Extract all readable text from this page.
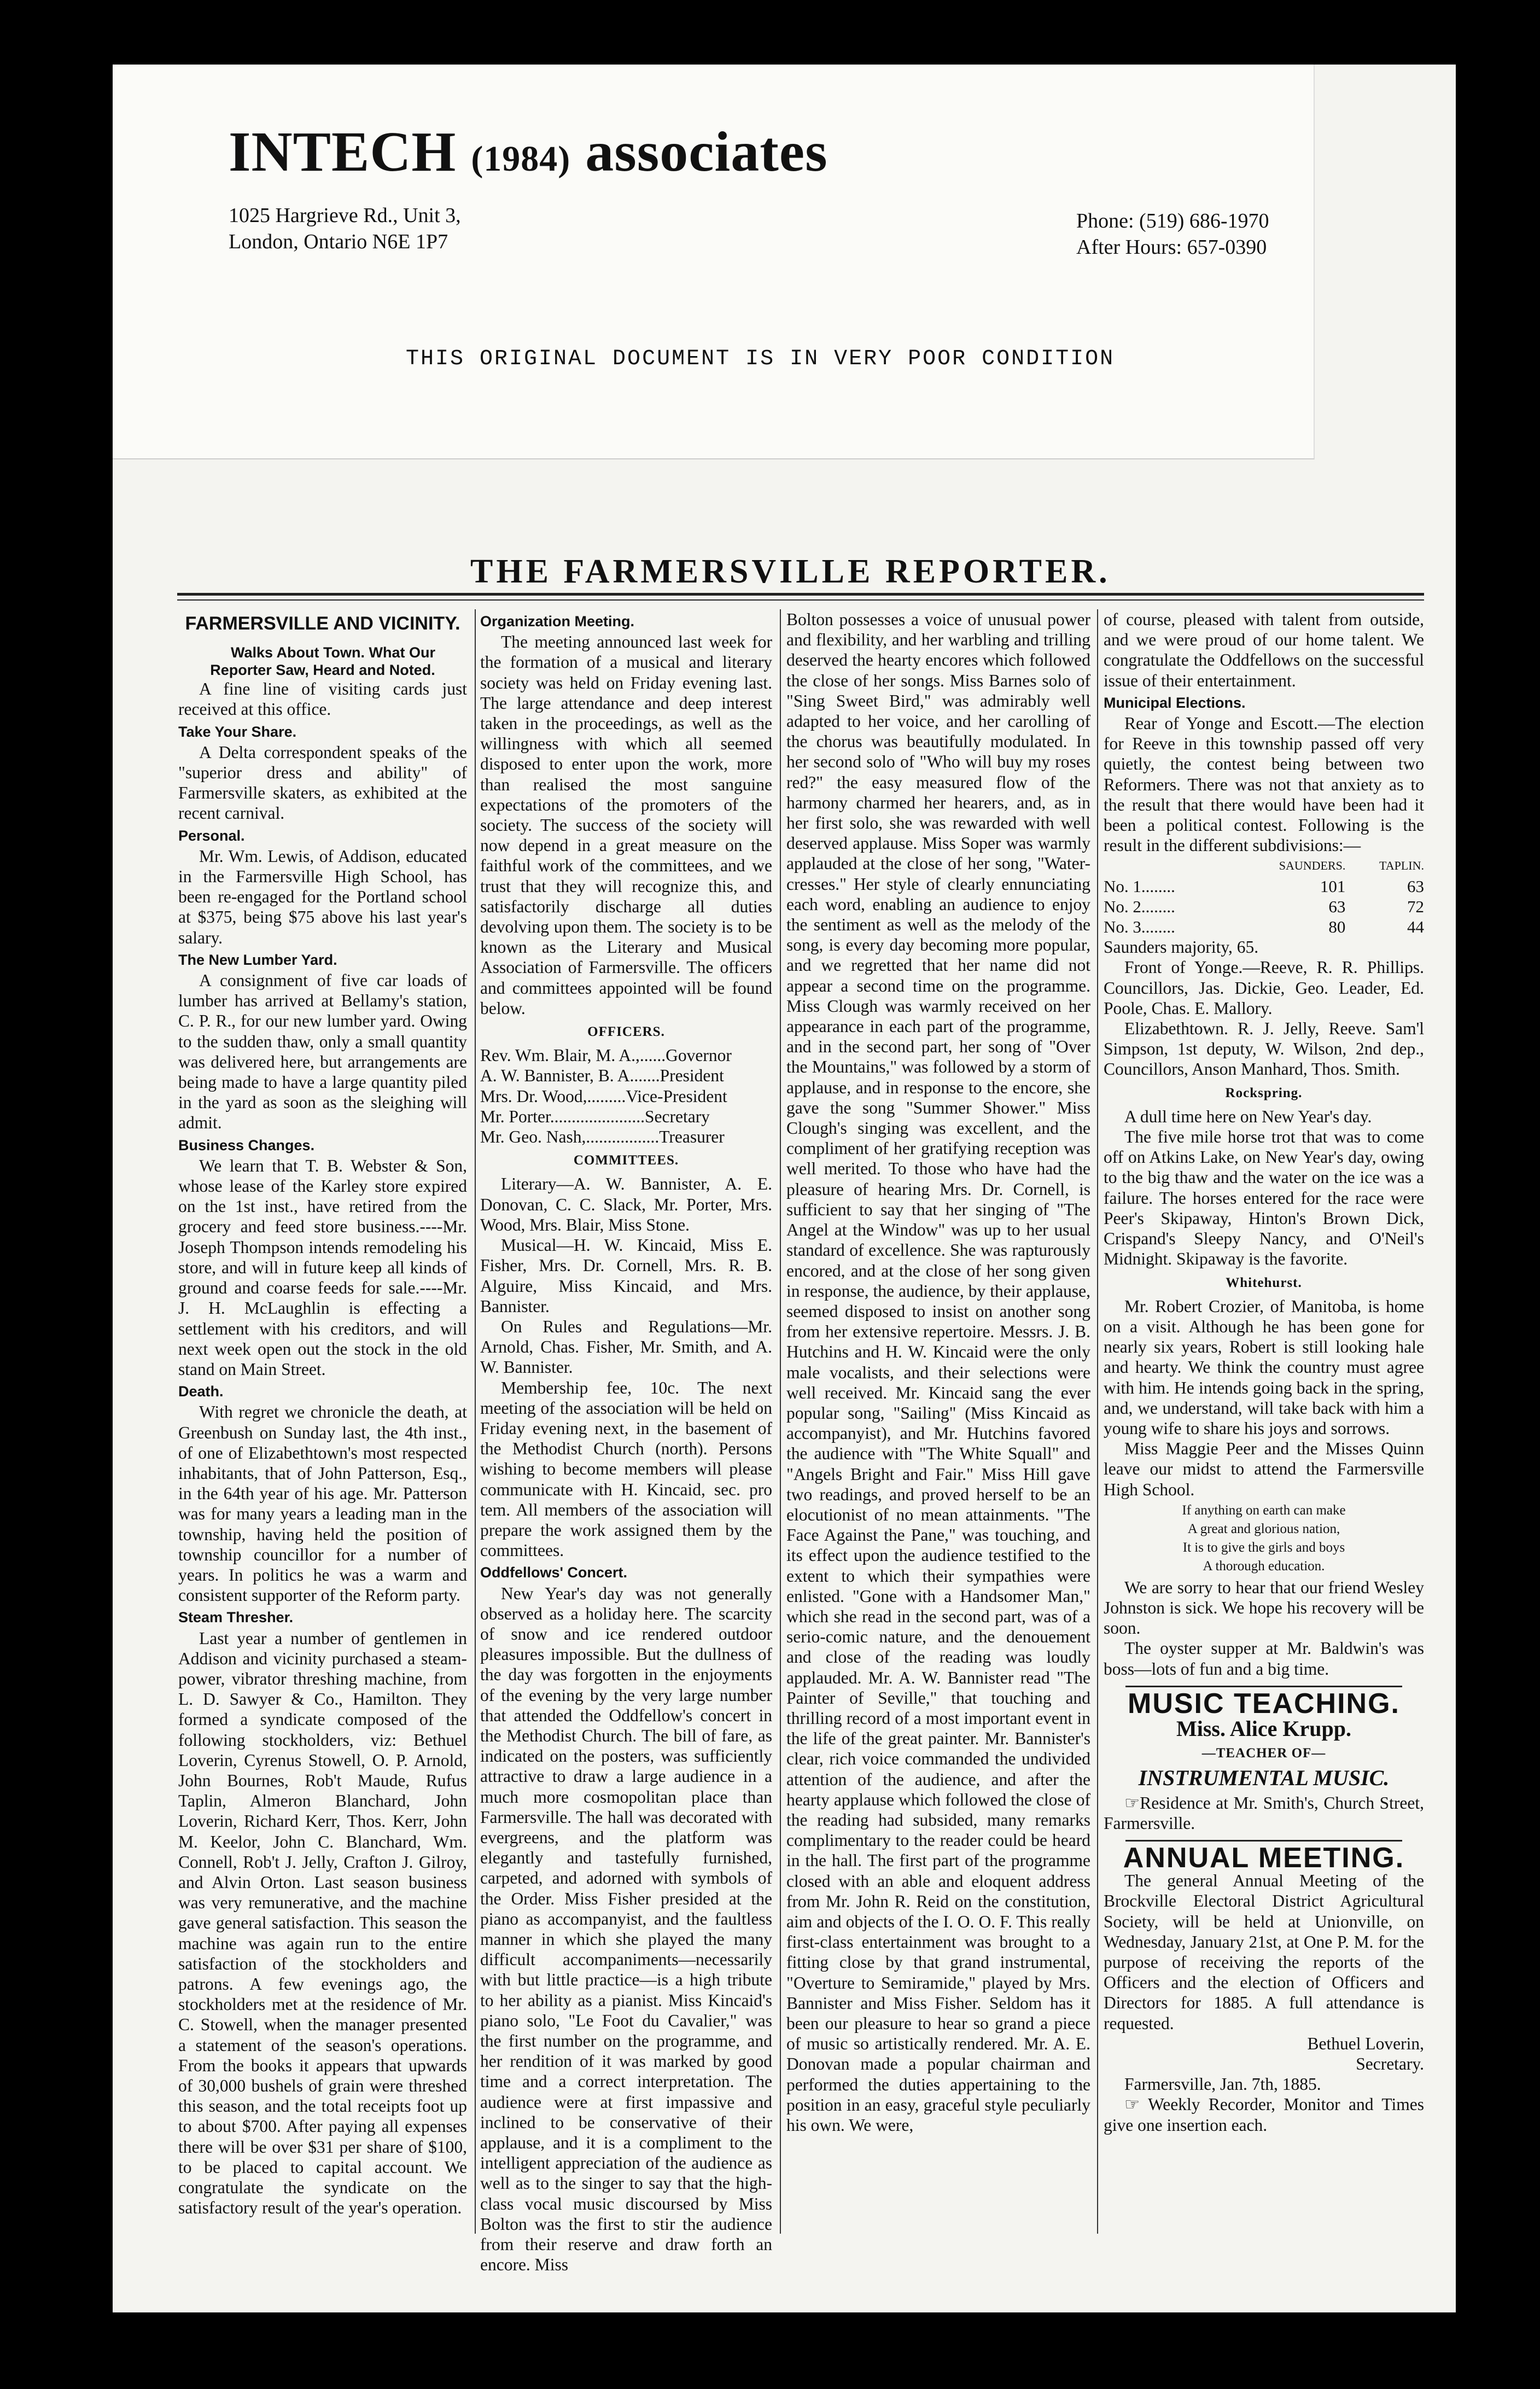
INTECH (1984) associates
1025 Hargrieve Rd., Unit 3,
London, Ontario N6E 1P7
Phone: (519) 686-1970
After Hours: 657-0390
THIS ORIGINAL DOCUMENT IS IN VERY POOR CONDITION
THE FARMERSVILLE REPORTER.
FARMERSVILLE AND VICINITY.

Walks About Town. What Our Reporter Saw, Heard and Noted.

A fine line of visiting cards just received at this office.

Take Your Share.

A Delta correspondent speaks of the "superior dress and ability" of Farmersville skaters, as exhibited at the recent carnival.

Personal.

Mr. Wm. Lewis, of Addison, educated in the Farmersville High School, has been re-engaged for the Portland school at $375, being $75 above his last year's salary.

The New Lumber Yard.

A consignment of five car loads of lumber has arrived at Bellamy's station, C. P. R., for our new lumber yard. Owing to the sudden thaw, only a small quantity was delivered here, but arrangements are being made to have a large quantity piled in the yard as soon as the sleighing will admit.

Business Changes.

We learn that T. B. Webster & Son, whose lease of the Karley store expired on the 1st inst., have retired from the grocery and feed store business.----Mr. Joseph Thompson intends remodeling his store, and will in future keep all kinds of ground and coarse feeds for sale.----Mr. J. H. McLaughlin is effecting a settlement with his creditors, and will next week open out the stock in the old stand on Main Street.

Death.

With regret we chronicle the death, at Greenbush on Sunday last, the 4th inst., of one of Elizabethtown's most respected inhabitants, that of John Patterson, Esq., in the 64th year of his age. Mr. Patterson was for many years a leading man in the township, having held the position of township councillor for a number of years. In politics he was a warm and consistent supporter of the Reform party.

Steam Thresher.

Last year a number of gentlemen in Addison and vicinity purchased a steam-power, vibrator threshing machine, from L. D. Sawyer & Co., Hamilton. They formed a syndicate composed of the following stockholders, viz: Bethuel Loverin, Cyrenus Stowell, O. P. Arnold, John Bournes, Rob't Maude, Rufus Taplin, Almeron Blanchard, John Loverin, Richard Kerr, Thos. Kerr, John M. Keelor, John C. Blanchard, Wm. Connell, Rob't J. Jelly, Crafton J. Gilroy, and Alvin Orton. Last season business was very remunerative, and the machine gave general satisfaction. This season the machine was again run to the entire satisfaction of the stockholders and patrons. A few evenings ago, the stockholders met at the residence of Mr. C. Stowell, when the manager presented a statement of the season's operations. From the books it appears that upwards of 30,000 bushels of grain were threshed this season, and the total receipts foot up to about $700. After paying all expenses there will be over $31 per share of $100, to be placed to capital account. We congratulate the syndicate on the satisfactory result of the year's operation.

Organization Meeting.

The meeting announced last week for the formation of a musical and literary society was held on Friday evening last. The large attendance and deep interest taken in the proceedings, as well as the willingness with which all seemed disposed to enter upon the work, more than realised the most sanguine expectations of the promoters of the society. The success of the society will now depend in a great measure on the faithful work of the committees, and we trust that they will recognize this, and satisfactorily discharge all duties devolving upon them. The society is to be known as the Literary and Musical Association of Farmersville. The officers and committees appointed will be found below.

OFFICERS.
Rev. Wm. Blair, M. A.,......Governor
A. W. Bannister, B. A.......President
Mrs. Dr. Wood,.........Vice-President
Mr. Porter......................Secretary
Mr. Geo. Nash,.................Treasurer
COMMITTEES.

Literary—A. W. Bannister, A. E. Donovan, C. C. Slack, Mr. Porter, Mrs. Wood, Mrs. Blair, Miss Stone.

Musical—H. W. Kincaid, Miss E. Fisher, Mrs. Dr. Cornell, Mrs. R. B. Alguire, Miss Kincaid, and Mrs. Bannister.

On Rules and Regulations—Mr. Arnold, Chas. Fisher, Mr. Smith, and A. W. Bannister.

Membership fee, 10c. The next meeting of the association will be held on Friday evening next, in the basement of the Methodist Church (north). Persons wishing to become members will please communicate with H. Kincaid, sec. pro tem. All members of the association will prepare the work assigned them by the committees.

Oddfellows' Concert.

New Year's day was not generally observed as a holiday here. The scarcity of snow and ice rendered outdoor pleasures impossible. But the dullness of the day was forgotten in the enjoyments of the evening by the very large number that attended the Oddfellow's concert in the Methodist Church. The bill of fare, as indicated on the posters, was sufficiently attractive to draw a large audience in a much more cosmopolitan place than Farmersville. The hall was decorated with evergreens, and the platform was elegantly and tastefully furnished, carpeted, and adorned with symbols of the Order. Miss Fisher presided at the piano as accompanyist, and the faultless manner in which she played the many difficult accompaniments—necessarily with but little practice—is a high tribute to her ability as a pianist. Miss Kincaid's piano solo, "Le Foot du Cavalier," was the first number on the programme, and her rendition of it was marked by good time and a correct interpretation. The audience were at first impassive and inclined to be conservative of their applause, and it is a compliment to the intelligent appreciation of the audience as well as to the singer to say that the high-class vocal music discoursed by Miss Bolton was the first to stir the audience from their reserve and draw forth an encore. Miss

Bolton possesses a voice of unusual power and flexibility, and her warbling and trilling deserved the hearty encores which followed the close of her songs. Miss Barnes solo of "Sing Sweet Bird," was admirably well adapted to her voice, and her carolling of the chorus was beautifully modulated. In her second solo of "Who will buy my roses red?" the easy measured flow of the harmony charmed her hearers, and, as in her first solo, she was rewarded with well deserved applause. Miss Soper was warmly applauded at the close of her song, "Water-cresses." Her style of clearly ennunciating each word, enabling an audience to enjoy the sentiment as well as the melody of the song, is every day becoming more popular, and we regretted that her name did not appear a second time on the programme. Miss Clough was warmly received on her appearance in each part of the programme, and in the second part, her song of "Over the Mountains," was followed by a storm of applause, and in response to the encore, she gave the song "Summer Shower." Miss Clough's singing was excellent, and the compliment of her gratifying reception was well merited. To those who have had the pleasure of hearing Mrs. Dr. Cornell, is sufficient to say that her singing of "The Angel at the Window" was up to her usual standard of excellence. She was rapturously encored, and at the close of her song given in response, the audience, by their applause, seemed disposed to insist on another song from her extensive repertoire. Messrs. J. B. Hutchins and H. W. Kincaid were the only male vocalists, and their selections were well received. Mr. Kincaid sang the ever popular song, "Sailing" (Miss Kincaid as accompanyist), and Mr. Hutchins favored the audience with "The White Squall" and "Angels Bright and Fair." Miss Hill gave two readings, and proved herself to be an elocutionist of no mean attainments. "The Face Against the Pane," was touching, and its effect upon the audience testified to the extent to which their sympathies were enlisted. "Gone with a Handsomer Man," which she read in the second part, was of a serio-comic nature, and the denouement and close of the reading was loudly applauded. Mr. A. W. Bannister read "The Painter of Seville," that touching and thrilling record of a most important event in the life of the great painter. Mr. Bannister's clear, rich voice commanded the undivided attention of the audience, and after the hearty applause which followed the close of the reading had subsided, many remarks complimentary to the reader could be heard in the hall. The first part of the programme closed with an able and eloquent address from Mr. John R. Reid on the constitution, aim and objects of the I. O. O. F. This really first-class entertainment was brought to a fitting close by that grand instrumental, "Overture to Semiramide," played by Mrs. Bannister and Miss Fisher. Seldom has it been our pleasure to hear so grand a piece of music so artistically rendered. Mr. A. E. Donovan made a popular chairman and performed the duties appertaining to the position in an easy, graceful style peculiarly his own. We were,

of course, pleased with talent from outside, and we were proud of our home talent. We congratulate the Oddfellows on the successful issue of their entertainment.

Municipal Elections.

Rear of Yonge and Escott.—The election for Reeve in this township passed off very quietly, the contest being between two Reformers. There was not that anxiety as to the result that there would have been had it been a political contest. Following is the result in the different subdivisions:—

	SAUNDERS.	TAPLIN.
No. 1........	101	63
No. 2........	63	72
No. 3........	80	44
Saunders majority, 65.

Front of Yonge.—Reeve, R. R. Phillips. Councillors, Jas. Dickie, Geo. Leader, Ed. Poole, Chas. E. Mallory.

Elizabethtown. R. J. Jelly, Reeve. Sam'l Simpson, 1st deputy, W. Wilson, 2nd dep., Councillors, Anson Manhard, Thos. Smith.

Rockspring.

A dull time here on New Year's day.

The five mile horse trot that was to come off on Atkins Lake, on New Year's day, owing to the big thaw and the water on the ice was a failure. The horses entered for the race were Peer's Skipaway, Hinton's Brown Dick, Crispand's Sleepy Nancy, and O'Neil's Midnight. Skipaway is the favorite.

Whitehurst.

Mr. Robert Crozier, of Manitoba, is home on a visit. Although he has been gone for nearly six years, Robert is still looking hale and hearty. We think the country must agree with him. He intends going back in the spring, and, we understand, will take back with him a young wife to share his joys and sorrows.

Miss Maggie Peer and the Misses Quinn leave our midst to attend the Farmersville High School.

If anything on earth can make
A great and glorious nation,
It is to give the girls and boys
A thorough education.

We are sorry to hear that our friend Wesley Johnston is sick. We hope his recovery will be soon.

The oyster supper at Mr. Baldwin's was boss—lots of fun and a big time.

MUSIC TEACHING.
Miss. Alice Krupp.
—TEACHER OF—
INSTRUMENTAL MUSIC.

☞Residence at Mr. Smith's, Church Street, Farmersville.

ANNUAL MEETING.

The general Annual Meeting of the Brockville Electoral District Agricultural Society, will be held at Unionville, on Wednesday, January 21st, at One P. M. for the purpose of receiving the reports of the Officers and the election of Officers and Directors for 1885. A full attendance is requested.

Bethuel Loverin,
Secretary.

Farmersville, Jan. 7th, 1885.

☞ Weekly Recorder, Monitor and Times give one insertion each.
